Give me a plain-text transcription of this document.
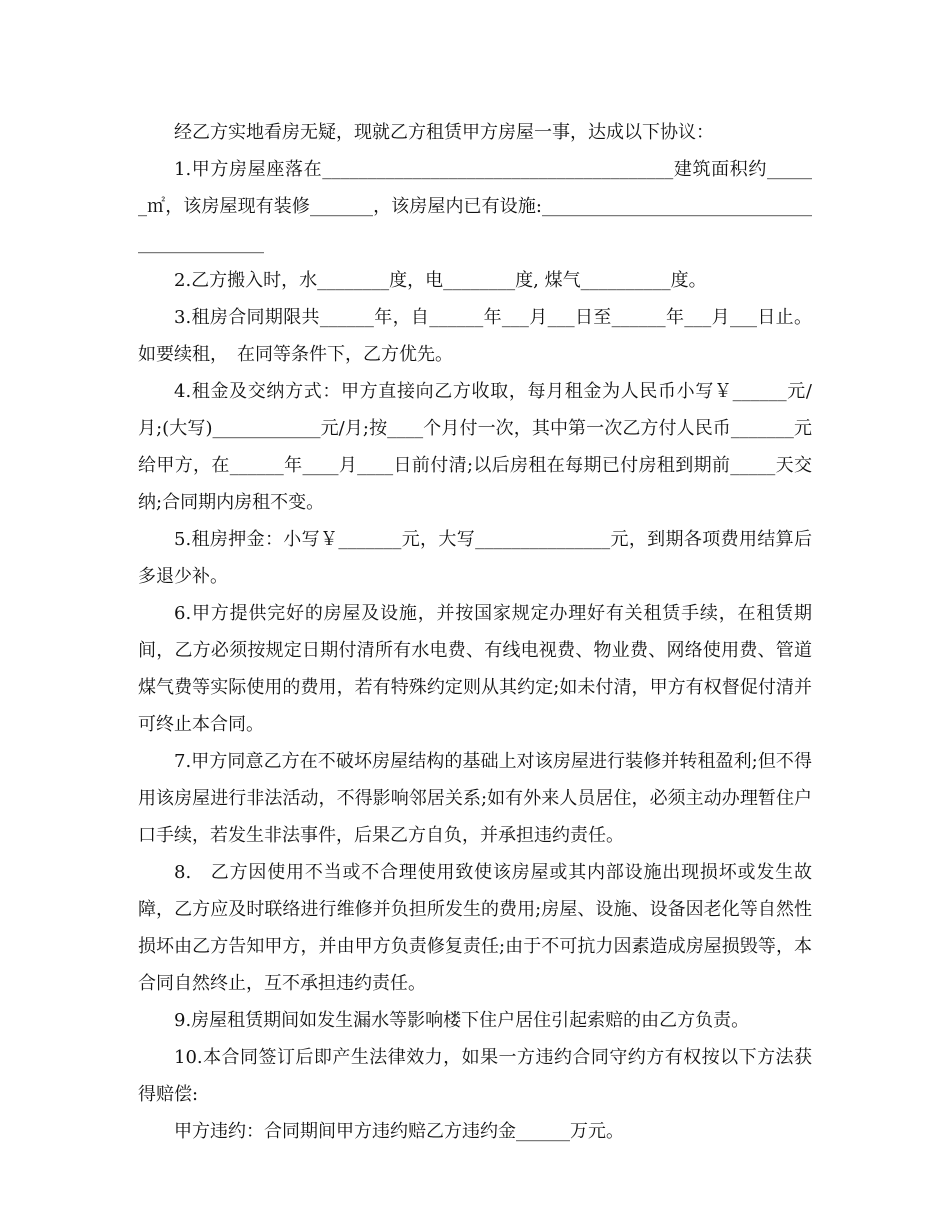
经乙方实地看房无疑，现就乙方租赁甲方房屋一事，达成以下协议：

1.甲方房屋座落在_______________________________________建筑面积约______㎡，该房屋现有装修_______，该房屋内已有设施:____________________________________________

2.乙方搬入时，水________度，电________度, 煤气__________度。

3.租房合同期限共______年，自______年___月___日至______年___月___日止。如要续租，　在同等条件下，乙方优先。

4.租金及交纳方式：甲方直接向乙方收取，每月租金为人民币小写￥______元/月;(大写)____________元/月;按____个月付一次，其中第一次乙方付人民币_______元给甲方，在______年____月____日前付清;以后房租在每期已付房租到期前_____天交纳;合同期内房租不变。

5.租房押金：小写￥_______元，大写_______________元，到期各项费用结算后多退少补。

6.甲方提供完好的房屋及设施，并按国家规定办理好有关租赁手续，在租赁期间，乙方必须按规定日期付清所有水电费、有线电视费、物业费、网络使用费、管道煤气费等实际使用的费用，若有特殊约定则从其约定;如未付清，甲方有权督促付清并可终止本合同。

7.甲方同意乙方在不破坏房屋结构的基础上对该房屋进行装修并转租盈利;但不得用该房屋进行非法活动，不得影响邻居关系;如有外来人员居住，必须主动办理暂住户口手续，若发生非法事件，后果乙方自负，并承担违约责任。

8.　乙方因使用不当或不合理使用致使该房屋或其内部设施出现损坏或发生故障，乙方应及时联络进行维修并负担所发生的费用;房屋、设施、设备因老化等自然性损坏由乙方告知甲方，并由甲方负责修复责任;由于不可抗力因素造成房屋损毁等，本合同自然终止，互不承担违约责任。

9.房屋租赁期间如发生漏水等影响楼下住户居住引起索赔的由乙方负责。

10.本合同签订后即产生法律效力，如果一方违约合同守约方有权按以下方法获得赔偿:

甲方违约：合同期间甲方违约赔乙方违约金______万元。
